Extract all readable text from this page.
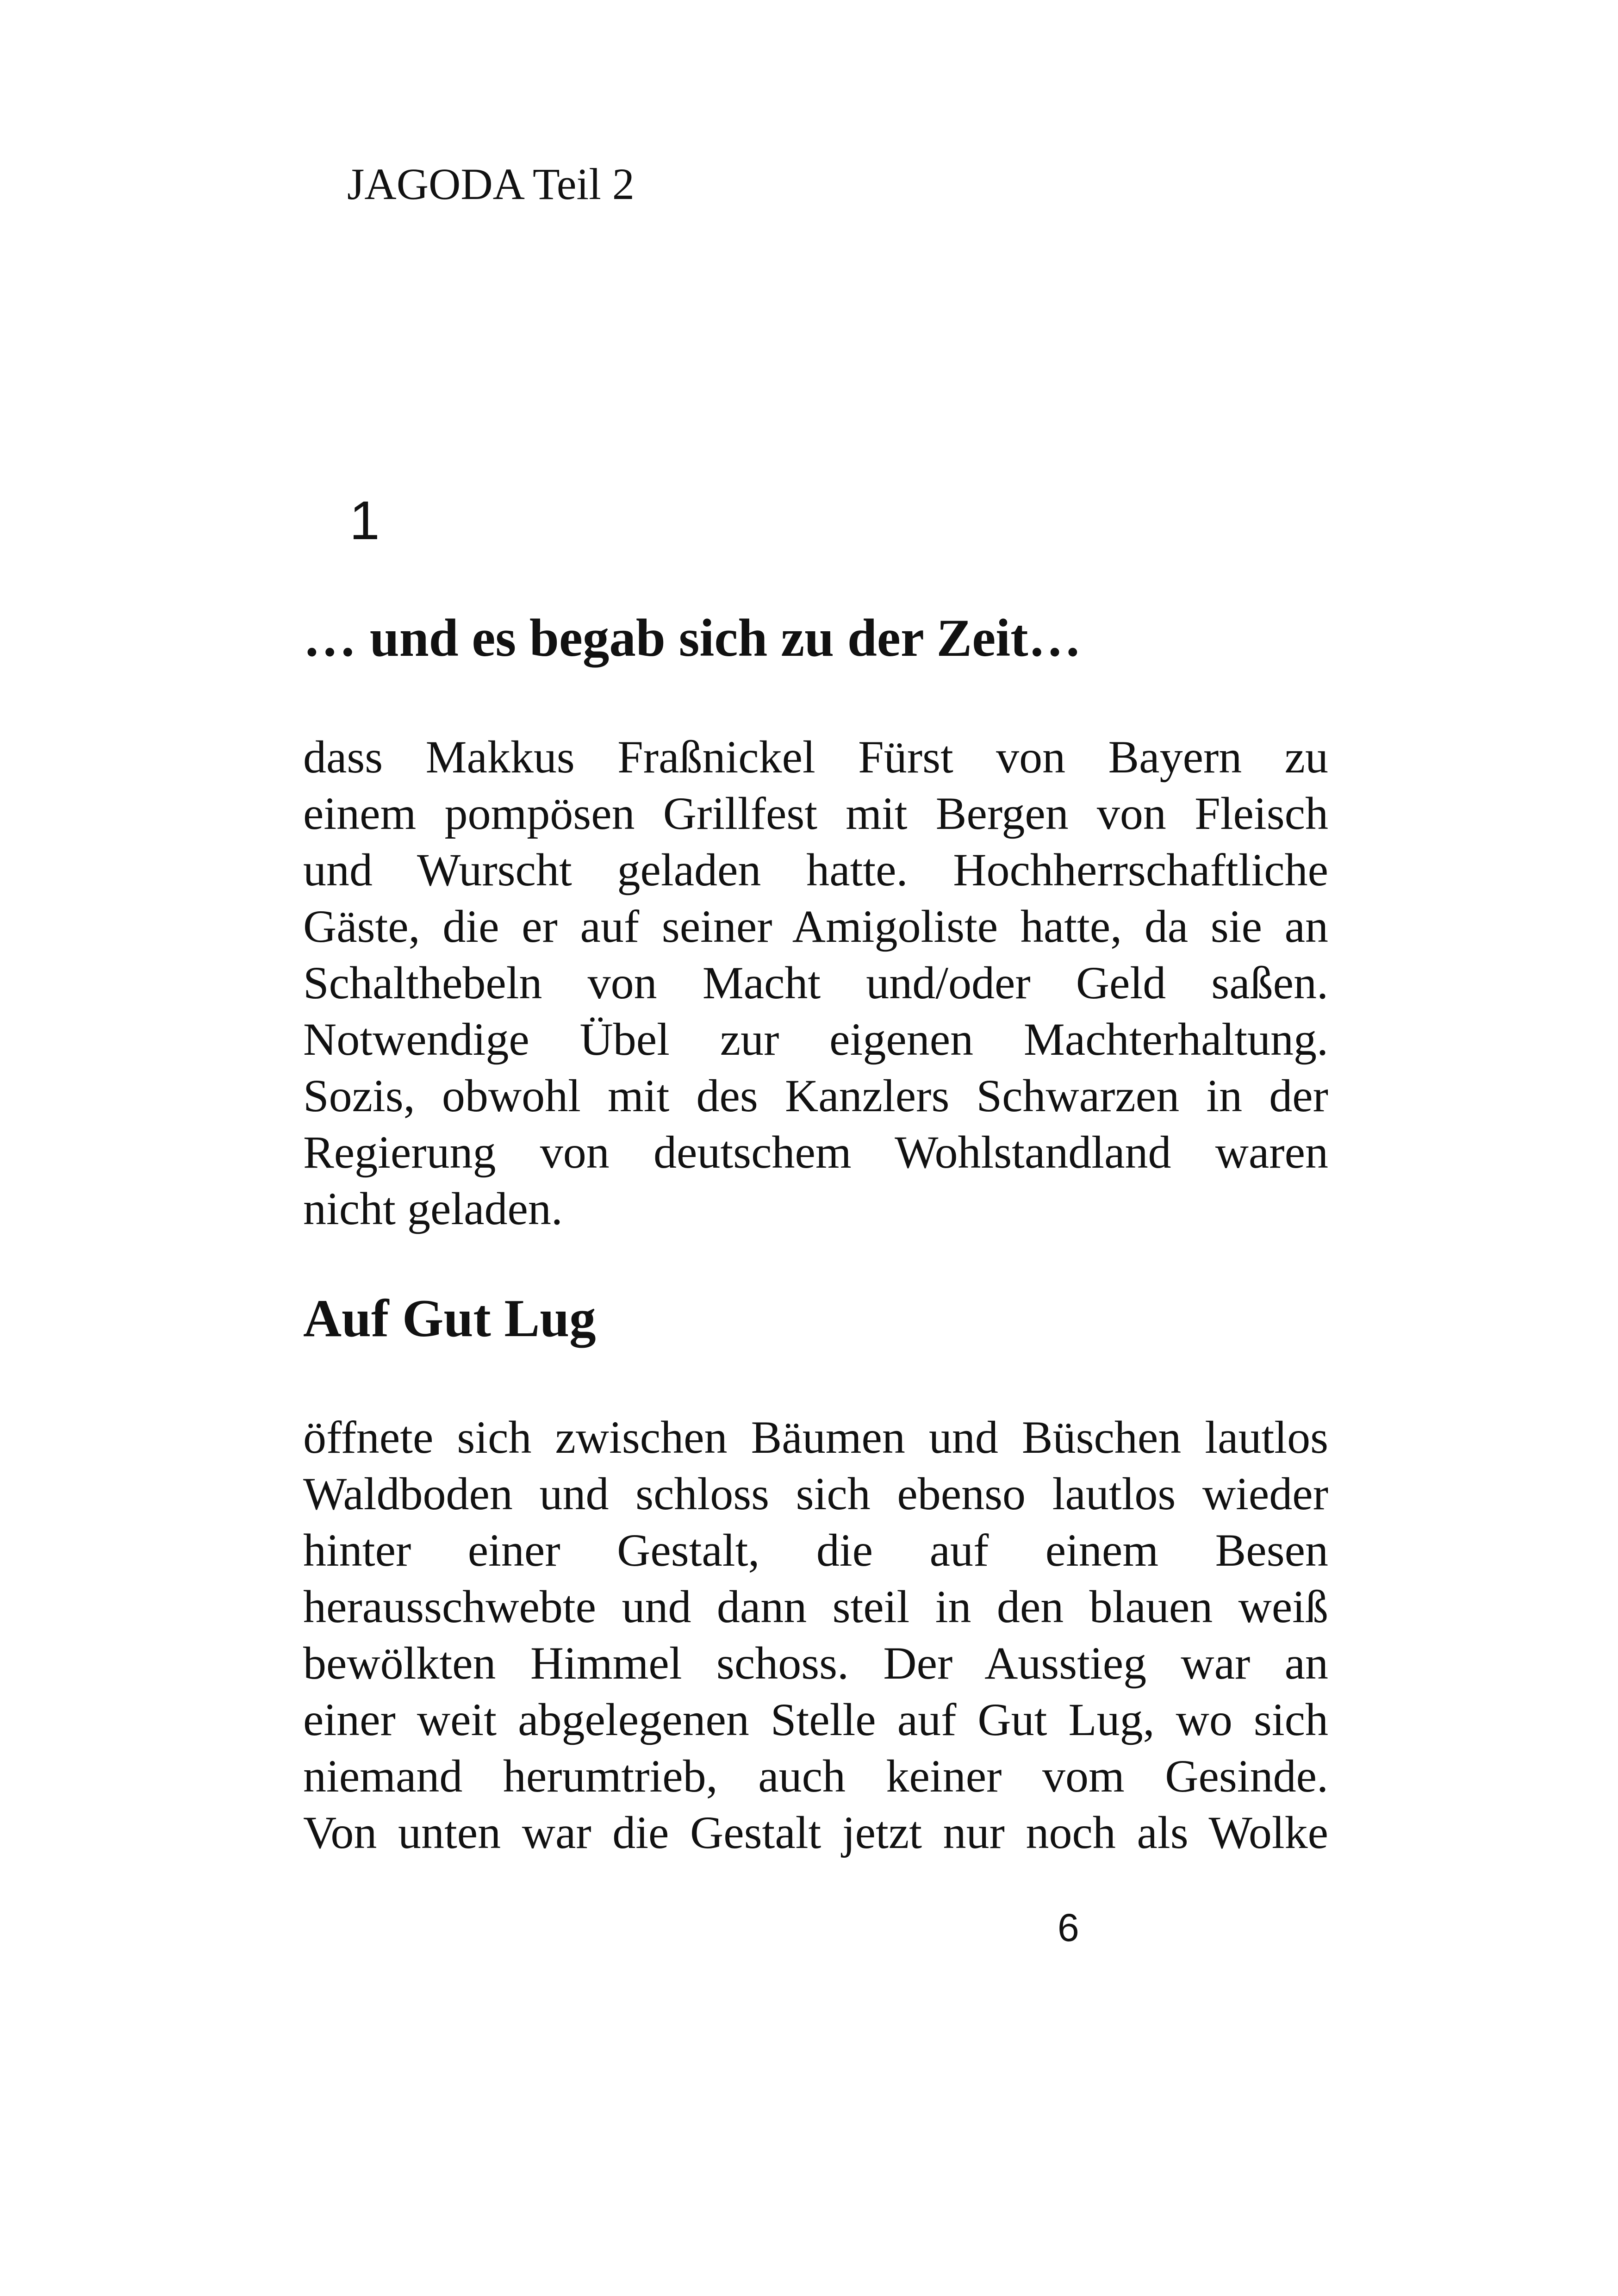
JAGODA Teil 2
1
… und es begab sich zu der Zeit…

dass Makkus Fraßnickel Fürst von Bayern zu
einem pompösen Grillfest mit Bergen von Fleisch
und Wurscht geladen hatte. Hochherrschaftliche
Gäste, die er auf seiner Amigoliste hatte, da sie an
Schalthebeln von Macht und/oder Geld saßen.
Notwendige Übel zur eigenen Machterhaltung.
Sozis, obwohl mit des Kanzlers Schwarzen in der
Regierung von deutschem Wohlstandland waren
nicht geladen.

Auf Gut Lug

öffnete sich zwischen Bäumen und Büschen lautlos
Waldboden und schloss sich ebenso lautlos wieder
hinter einer Gestalt, die auf einem Besen
herausschwebte und dann steil in den blauen weiß
bewölkten Himmel schoss. Der Ausstieg war an
einer weit abgelegenen Stelle auf Gut Lug, wo sich
niemand herumtrieb, auch keiner vom Gesinde.
Von unten war die Gestalt jetzt nur noch als Wolke

6
